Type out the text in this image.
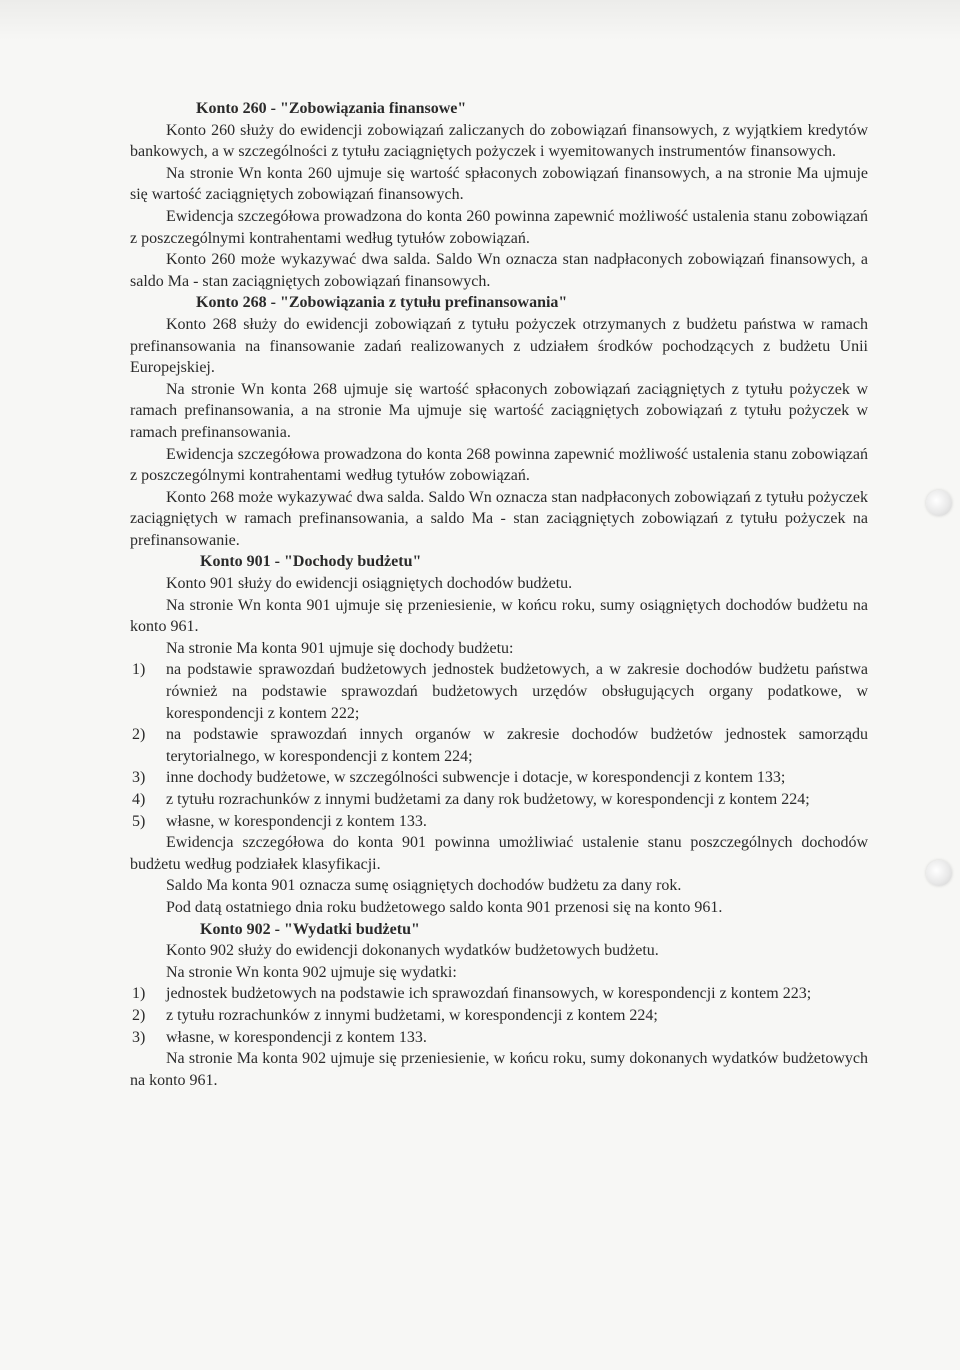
Konto 260 - "Zobowiązania finansowe"

Konto 260 służy do ewidencji zobowiązań zaliczanych do zobowiązań finansowych, z wyjątkiem kredytów bankowych, a w szczególności z tytułu zaciągniętych pożyczek i wyemitowanych instrumentów finansowych.

Na stronie Wn konta 260 ujmuje się wartość spłaconych zobowiązań finansowych, a na stronie Ma ujmuje się wartość zaciągniętych zobowiązań finansowych.

Ewidencja szczegółowa prowadzona do konta 260 powinna zapewnić możliwość ustalenia stanu zobowiązań z poszczególnymi kontrahentami według tytułów zobowiązań.

Konto 260 może wykazywać dwa salda. Saldo Wn oznacza stan nadpłaconych zobowiązań finansowych, a saldo Ma - stan zaciągniętych zobowiązań finansowych.

Konto 268 - "Zobowiązania z tytułu prefinansowania"

Konto 268 służy do ewidencji zobowiązań z tytułu pożyczek otrzymanych z budżetu państwa w ramach prefinansowania na finansowanie zadań realizowanych z udziałem środków pochodzących z budżetu Unii Europejskiej.

Na stronie Wn konta 268 ujmuje się wartość spłaconych zobowiązań zaciągniętych z tytułu pożyczek w ramach prefinansowania, a na stronie Ma ujmuje się wartość zaciągniętych zobowiązań z tytułu pożyczek w ramach prefinansowania.

Ewidencja szczegółowa prowadzona do konta 268 powinna zapewnić możliwość ustalenia stanu zobowiązań z poszczególnymi kontrahentami według tytułów zobowiązań.

Konto 268 może wykazywać dwa salda. Saldo Wn oznacza stan nadpłaconych zobowiązań z tytułu pożyczek zaciągniętych w ramach prefinansowania, a saldo Ma - stan zaciągniętych zobowiązań z tytułu pożyczek na prefinansowanie.

Konto 901 - "Dochody budżetu"

Konto 901 służy do ewidencji osiągniętych dochodów budżetu.

Na stronie Wn konta 901 ujmuje się przeniesienie, w końcu roku, sumy osiągniętych dochodów budżetu na konto 961.

Na stronie Ma konta 901 ujmuje się dochody budżetu:

1)	na podstawie sprawozdań budżetowych jednostek budżetowych, a w zakresie dochodów budżetu państwa również na podstawie sprawozdań budżetowych urzędów obsługujących organy podatkowe, w korespondencji z kontem 222;
2)	na podstawie sprawozdań innych organów w zakresie dochodów budżetów jednostek samorządu terytorialnego, w korespondencji z kontem 224;
3)	inne dochody budżetowe, w szczególności subwencje i dotacje, w korespondencji z kontem 133;
4)	z tytułu rozrachunków z innymi budżetami za dany rok budżetowy, w korespondencji z kontem 224;
5)	własne, w korespondencji z kontem 133.

Ewidencja szczegółowa do konta 901 powinna umożliwiać ustalenie stanu poszczególnych dochodów budżetu według podziałek klasyfikacji.

Saldo Ma konta 901 oznacza sumę osiągniętych dochodów budżetu za dany rok.

Pod datą ostatniego dnia roku budżetowego saldo konta 901 przenosi się na konto 961.

Konto 902 - "Wydatki budżetu"

Konto 902 służy do ewidencji dokonanych wydatków budżetowych budżetu.

Na stronie Wn konta 902 ujmuje się wydatki:

1)	jednostek budżetowych na podstawie ich sprawozdań finansowych, w korespondencji z kontem 223;
2)	z tytułu rozrachunków z innymi budżetami, w korespondencji z kontem 224;
3)	własne, w korespondencji z kontem 133.

Na stronie Ma konta 902 ujmuje się przeniesienie, w końcu roku, sumy dokonanych wydatków budżetowych na konto 961.
